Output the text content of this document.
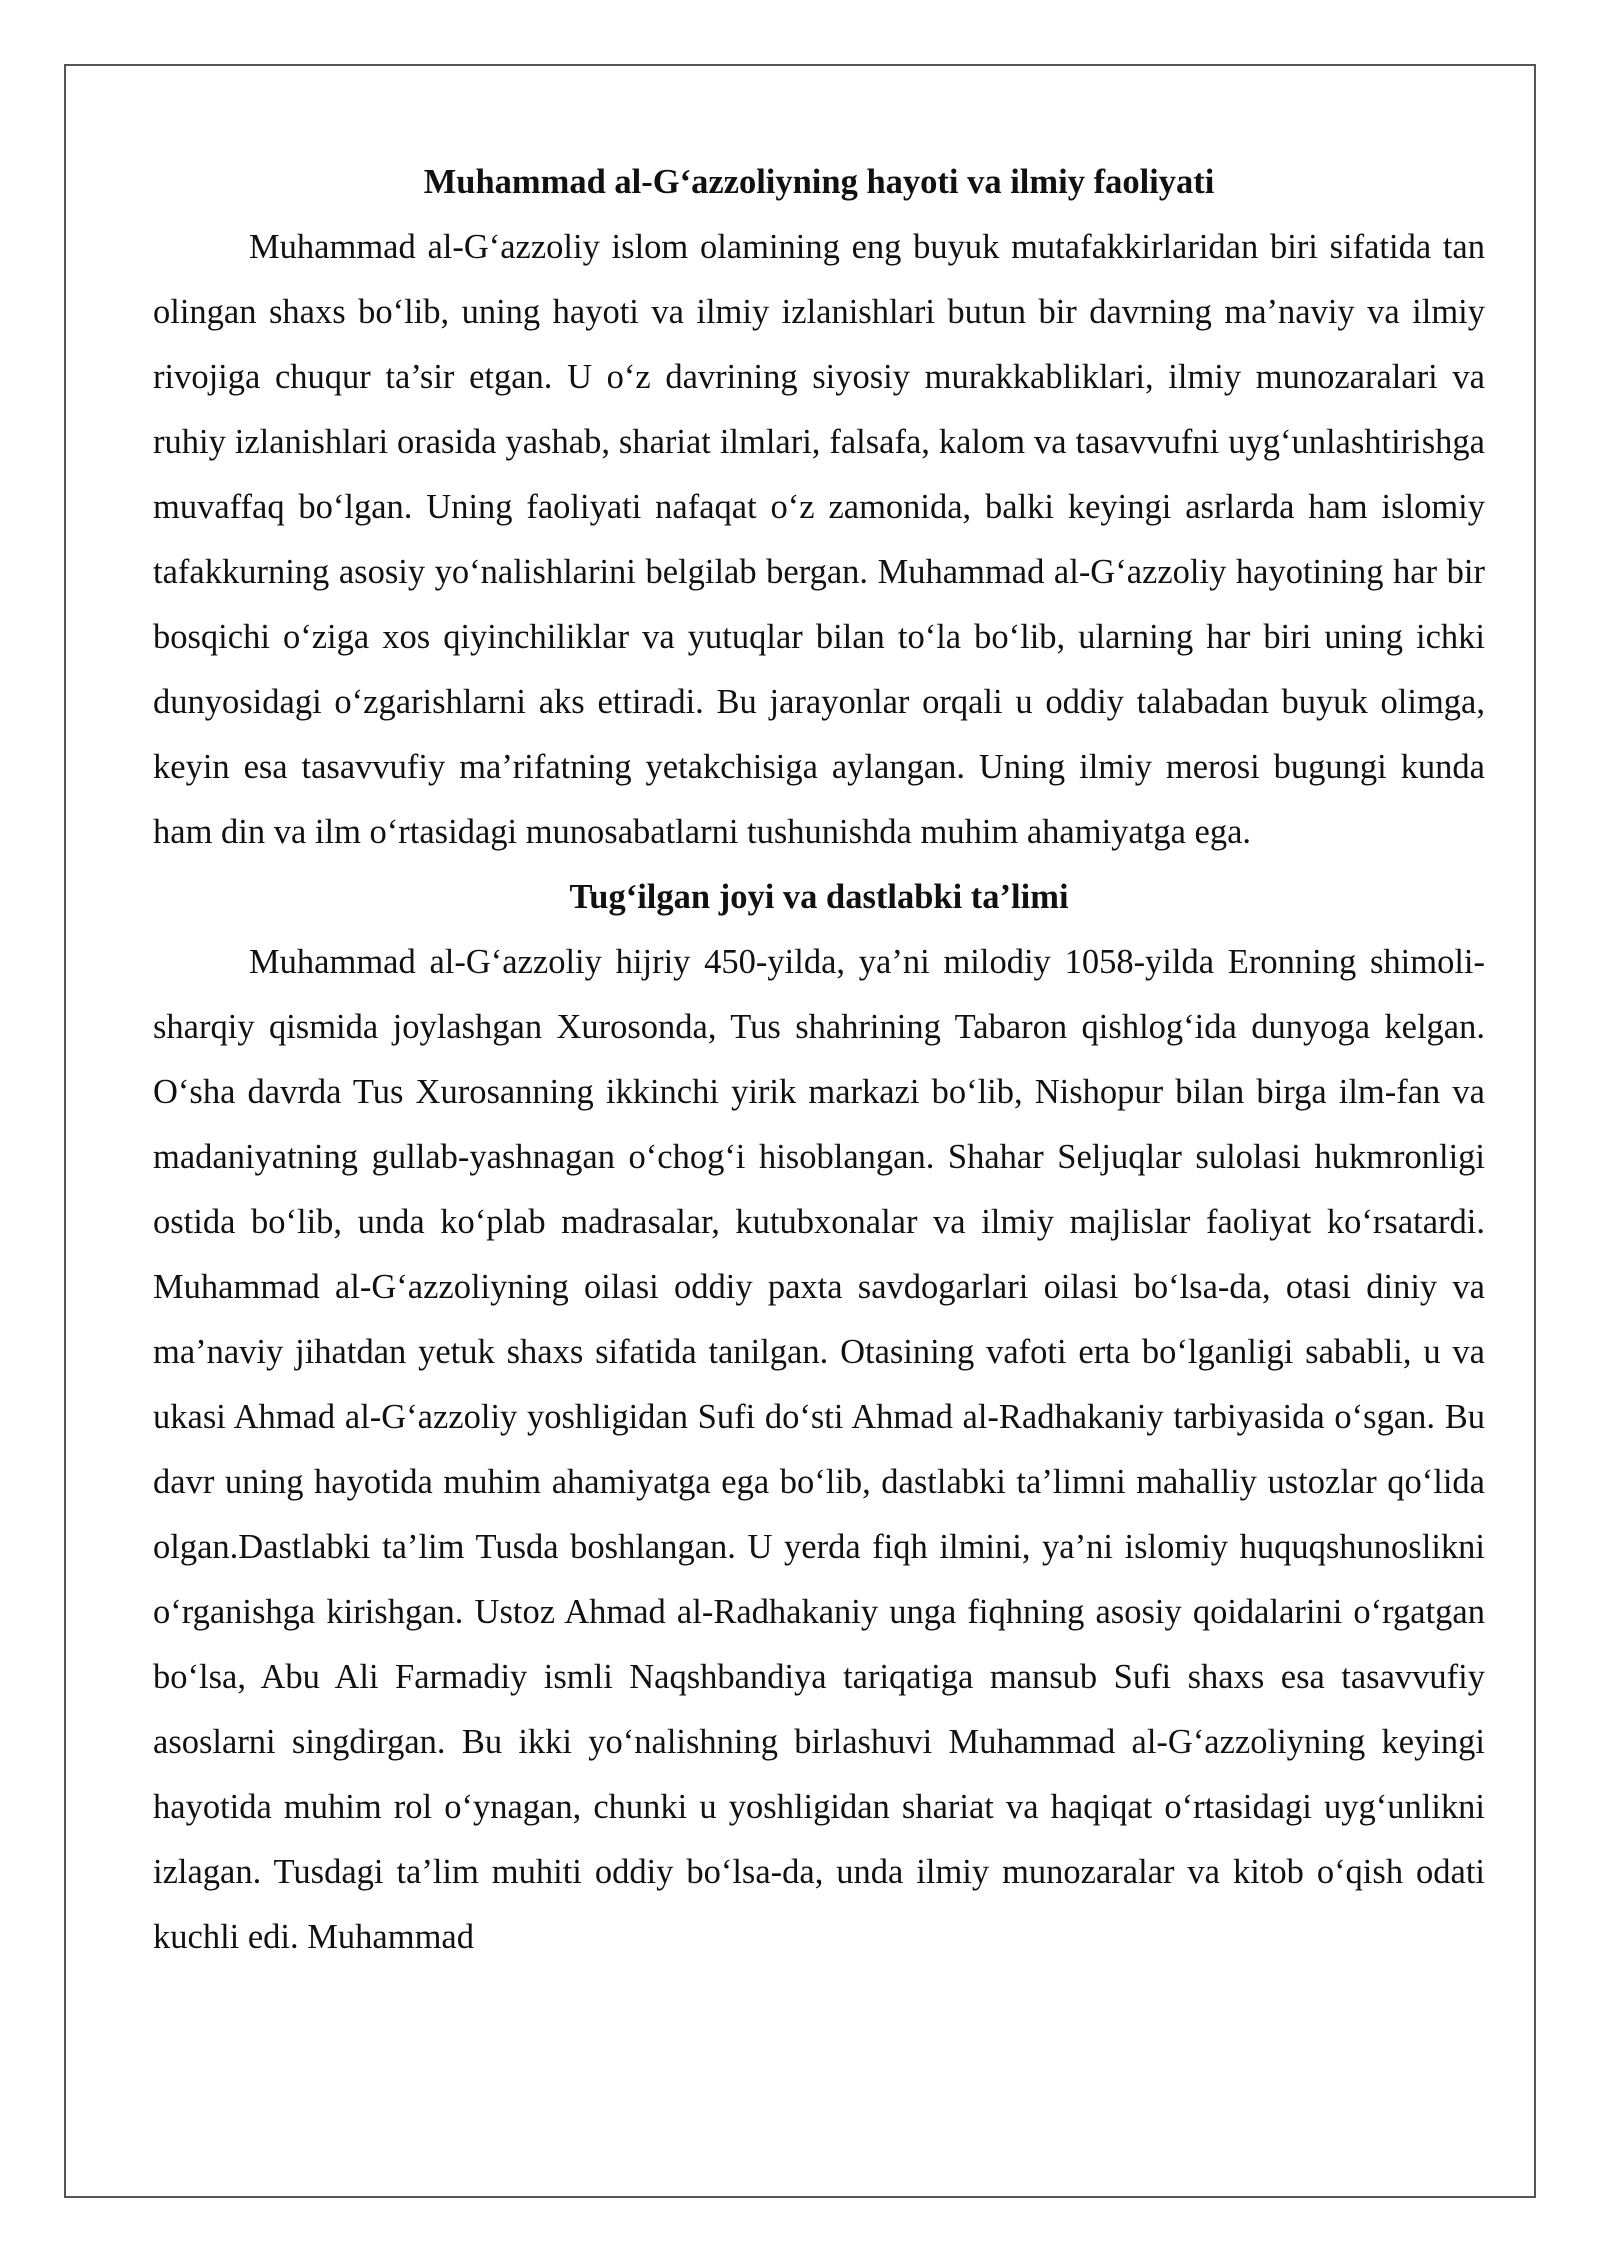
Muhammad al-G‘azzoliyning hayoti va ilmiy faoliyati

Muhammad al-G‘azzoliy islom olamining eng buyuk mutafakkirlaridan biri sifatida tan olingan shaxs bo‘lib, uning hayoti va ilmiy izlanishlari butun bir davrning ma’naviy va ilmiy rivojiga chuqur ta’sir etgan. U o‘z davrining siyosiy murakkabliklari, ilmiy munozaralari va ruhiy izlanishlari orasida yashab, shariat ilmlari, falsafa, kalom va tasavvufni uyg‘unlashtirishga muvaffaq bo‘lgan. Uning faoliyati nafaqat o‘z zamonida, balki keyingi asrlarda ham islomiy tafakkurning asosiy yo‘nalishlarini belgilab bergan. Muhammad al-G‘azzoliy hayotining har bir bosqichi o‘ziga xos qiyinchiliklar va yutuqlar bilan to‘la bo‘lib, ularning har biri uning ichki dunyosidagi o‘zgarishlarni aks ettiradi. Bu jarayonlar orqali u oddiy talabadan buyuk olimga, keyin esa tasavvufiy ma’rifatning yetakchisiga aylangan. Uning ilmiy merosi bugungi kunda ham din va ilm o‘rtasidagi munosabatlarni tushunishda muhim ahamiyatga ega.

Tug‘ilgan joyi va dastlabki ta’limi

Muhammad al-G‘azzoliy hijriy 450-yilda, ya’ni milodiy 1058-yilda Eronning shimoli-sharqiy qismida joylashgan Xurosonda, Tus shahrining Tabaron qishlog‘ida dunyoga kelgan. O‘sha davrda Tus Xurosanning ikkinchi yirik markazi bo‘lib, Nishopur bilan birga ilm-fan va madaniyatning gullab-yashnagan o‘chog‘i hisoblangan. Shahar Seljuqlar sulolasi hukmronligi ostida bo‘lib, unda ko‘plab madrasalar, kutubxonalar va ilmiy majlislar faoliyat ko‘rsatardi. Muhammad al-G‘azzoliyning oilasi oddiy paxta savdogarlari oilasi bo‘lsa-da, otasi diniy va ma’naviy jihatdan yetuk shaxs sifatida tanilgan. Otasining vafoti erta bo‘lganligi sababli, u va ukasi Ahmad al-G‘azzoliy yoshligidan Sufi do‘sti Ahmad al-Radhakaniy tarbiyasida o‘sgan. Bu davr uning hayotida muhim ahamiyatga ega bo‘lib, dastlabki ta’limni mahalliy ustozlar qo‘lida olgan.Dastlabki ta’lim Tusda boshlangan. U yerda fiqh ilmini, ya’ni islomiy huquqshunoslikni o‘rganishga kirishgan. Ustoz Ahmad al-Radhakaniy unga fiqhning asosiy qoidalarini o‘rgatgan bo‘lsa, Abu Ali Farmadiy ismli Naqshbandiya tariqatiga mansub Sufi shaxs esa tasavvufiy asoslarni singdirgan. Bu ikki yo‘nalishning birlashuvi Muhammad al-G‘azzoliyning keyingi hayotida muhim rol o‘ynagan, chunki u yoshligidan shariat va haqiqat o‘rtasidagi uyg‘unlikni izlagan. Tusdagi ta’lim muhiti oddiy bo‘lsa-da, unda ilmiy munozaralar va kitob o‘qish odati kuchli edi. Muhammad
